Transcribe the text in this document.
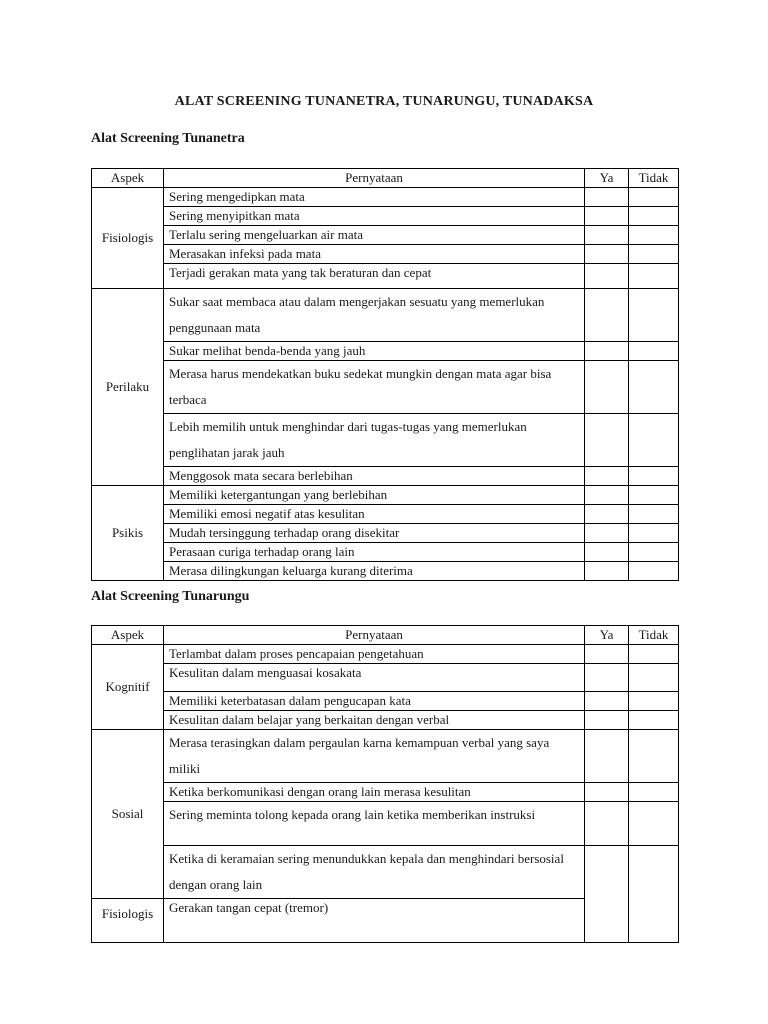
ALAT SCREENING TUNANETRA, TUNARUNGU, TUNADAKSA
Alat Screening Tunanetra
Aspek	Pernyataan	Ya	Tidak
Fisiologis	Sering mengedipkan mata		
	Sering menyipitkan mata		
	Terlalu sering mengeluarkan air mata		
	Merasakan infeksi pada mata		
	Terjadi gerakan mata yang tak beraturan dan cepat		
Perilaku	Sukar saat membaca atau dalam mengerjakan sesuatu yang memerlukan penggunaan mata		
	Sukar melihat benda-benda yang jauh		
	Merasa harus mendekatkan buku sedekat mungkin dengan mata agar bisa terbaca		
	Lebih memilih untuk menghindar dari tugas-tugas yang memerlukan penglihatan jarak jauh		
	Menggosok mata secara berlebihan		
Psikis	Memiliki ketergantungan yang berlebihan		
	Memiliki emosi negatif atas kesulitan		
	Mudah tersinggung terhadap orang disekitar		
	Perasaan curiga terhadap orang lain		
	Merasa dilingkungan keluarga kurang diterima		
Alat Screening Tunarungu
Aspek	Pernyataan	Ya	Tidak
Kognitif	Terlambat dalam proses pencapaian pengetahuan		
	Kesulitan dalam menguasai kosakata		
	Memiliki keterbatasan dalam pengucapan kata		
	Kesulitan dalam belajar yang berkaitan dengan verbal		
Sosial	Merasa terasingkan dalam pergaulan karna kemampuan verbal yang saya miliki		
	Ketika berkomunikasi dengan orang lain merasa kesulitan		
	Sering meminta tolong kepada orang lain ketika memberikan instruksi		
	Ketika di keramaian sering menundukkan kepala dan menghindari bersosial dengan orang lain		
Fisiologis	Gerakan tangan cepat (tremor)		
